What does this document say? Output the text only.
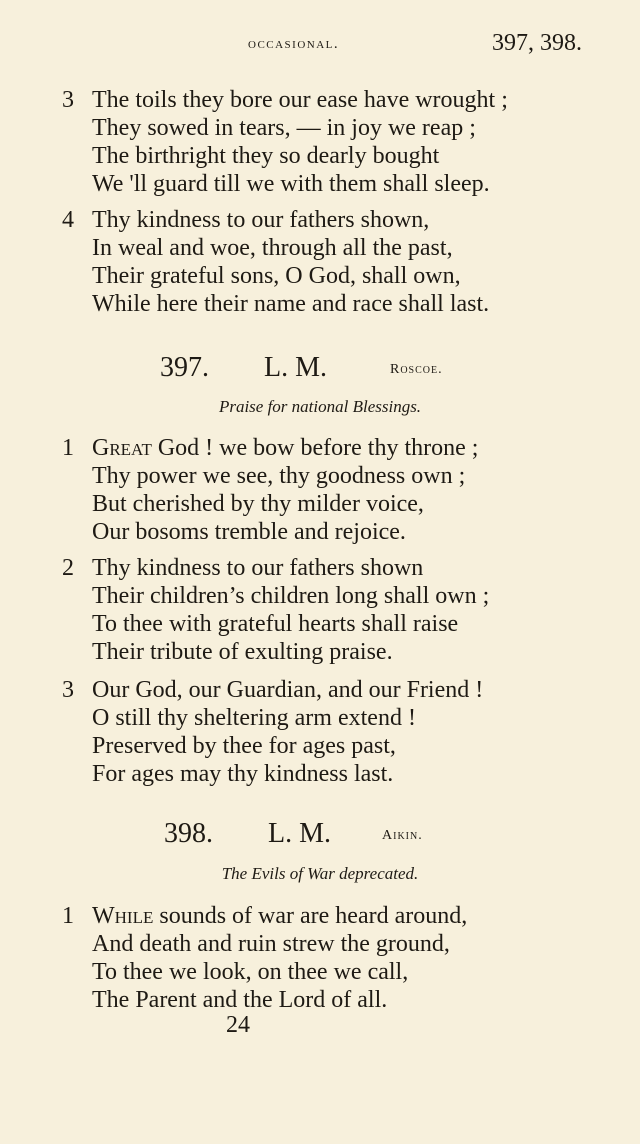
occasional.	397, 398.
3 The toils they bore our ease have wrought ;
They sowed in tears, — in joy we reap ;
The birthright they so dearly bought
We 'll guard till we with them shall sleep.
4 Thy kindness to our fathers shown,
In weal and woe, through all the past,
Their grateful sons, O God, shall own,
While here their name and race shall last.
397. L. M.	Roscoe.
Praise for national Blessings.
1 Great God ! we bow before thy throne ;
Thy power we see, thy goodness own ;
But cherished by thy milder voice,
Our bosoms tremble and rejoice.
2 Thy kindness to our fathers shown
Their children’s children long shall own ;
To thee with grateful hearts shall raise
Their tribute of exulting praise.
3 Our God, our Guardian, and our Friend !
O still thy sheltering arm extend !
Preserved by thee for ages past,
For ages may thy kindness last.
398. L. M.	Aikin.
The Evils of War deprecated.
1 While sounds of war are heard around,
And death and ruin strew the ground,
To thee we look, on thee we call,
The Parent and the Lord of all.
24
